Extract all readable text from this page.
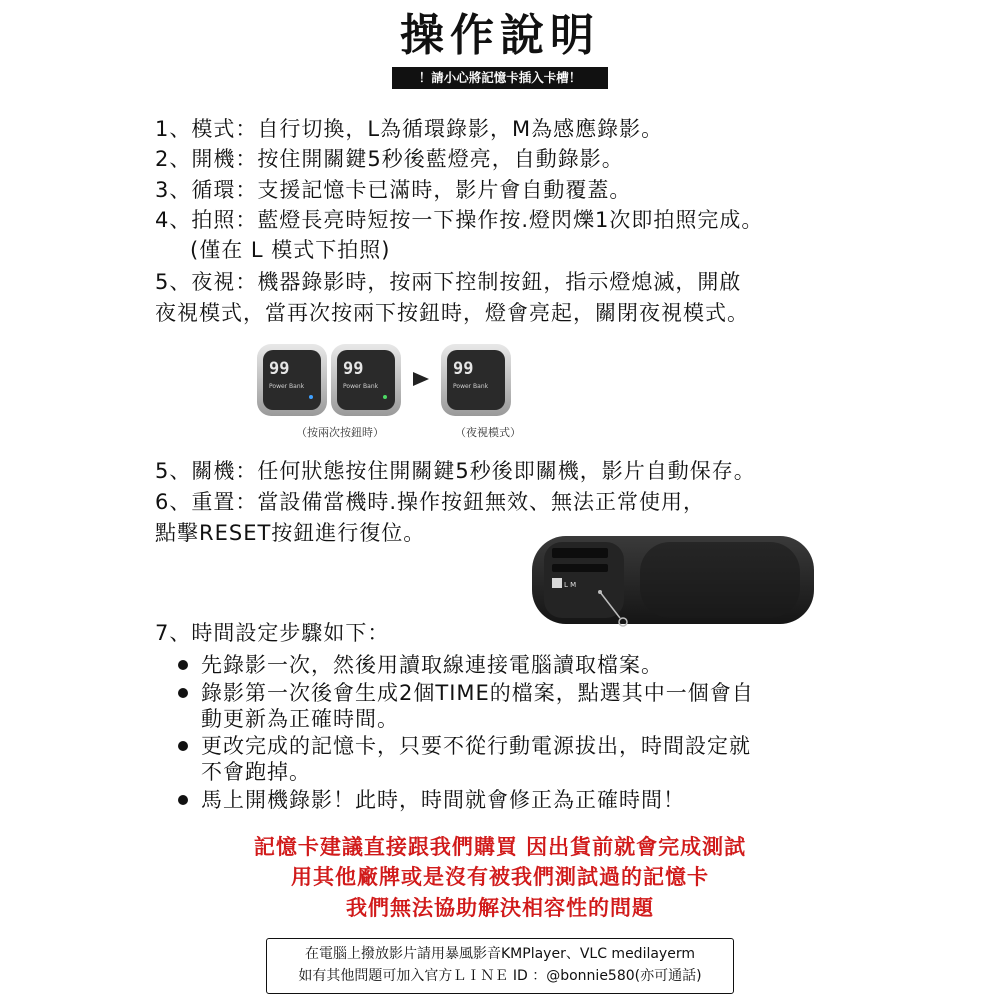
操作說明
！請小心將記憶卡插入卡槽！
1、模式：自行切換，L為循環錄影，M為感應錄影。
2、開機：按住開關鍵5秒後藍燈亮，自動錄影。
3、循環：支援記憶卡已滿時，影片會自動覆蓋。
4、拍照：藍燈長亮時短按一下操作按.燈閃爍1次即拍照完成。
(僅在 L 模式下拍照)
5、夜視：機器錄影時，按兩下控制按鈕，指示燈熄滅，開啟
夜視模式，當再次按兩下按鈕時，燈會亮起，關閉夜視模式。
99
Power Bank
99
Power Bank
99
Power Bank
（按兩次按鈕時）	（夜視模式）
5、關機：任何狀態按住開關鍵5秒後即關機，影片自動保存。
6、重置：當設備當機時.操作按鈕無效、無法正常使用，
點擊RESET按鈕進行復位。
L M
7、時間設定步驟如下：
先錄影一次，然後用讀取線連接電腦讀取檔案。
錄影第一次後會生成2個TIME的檔案，點選其中一個會自
動更新為正確時間。
更改完成的記憶卡，只要不從行動電源拔出，時間設定就
不會跑掉。
馬上開機錄影！此時，時間就會修正為正確時間！
記憶卡建議直接跟我們購買 因出貨前就會完成測試
用其他廠牌或是沒有被我們測試過的記憶卡
我們無法協助解決相容性的問題
在電腦上撥放影片請用暴風影音KMPlayer、VLC medilayerm
如有其他問題可加入官方ＬＩＮＥ ID ：@bonnie580(亦可通話)
